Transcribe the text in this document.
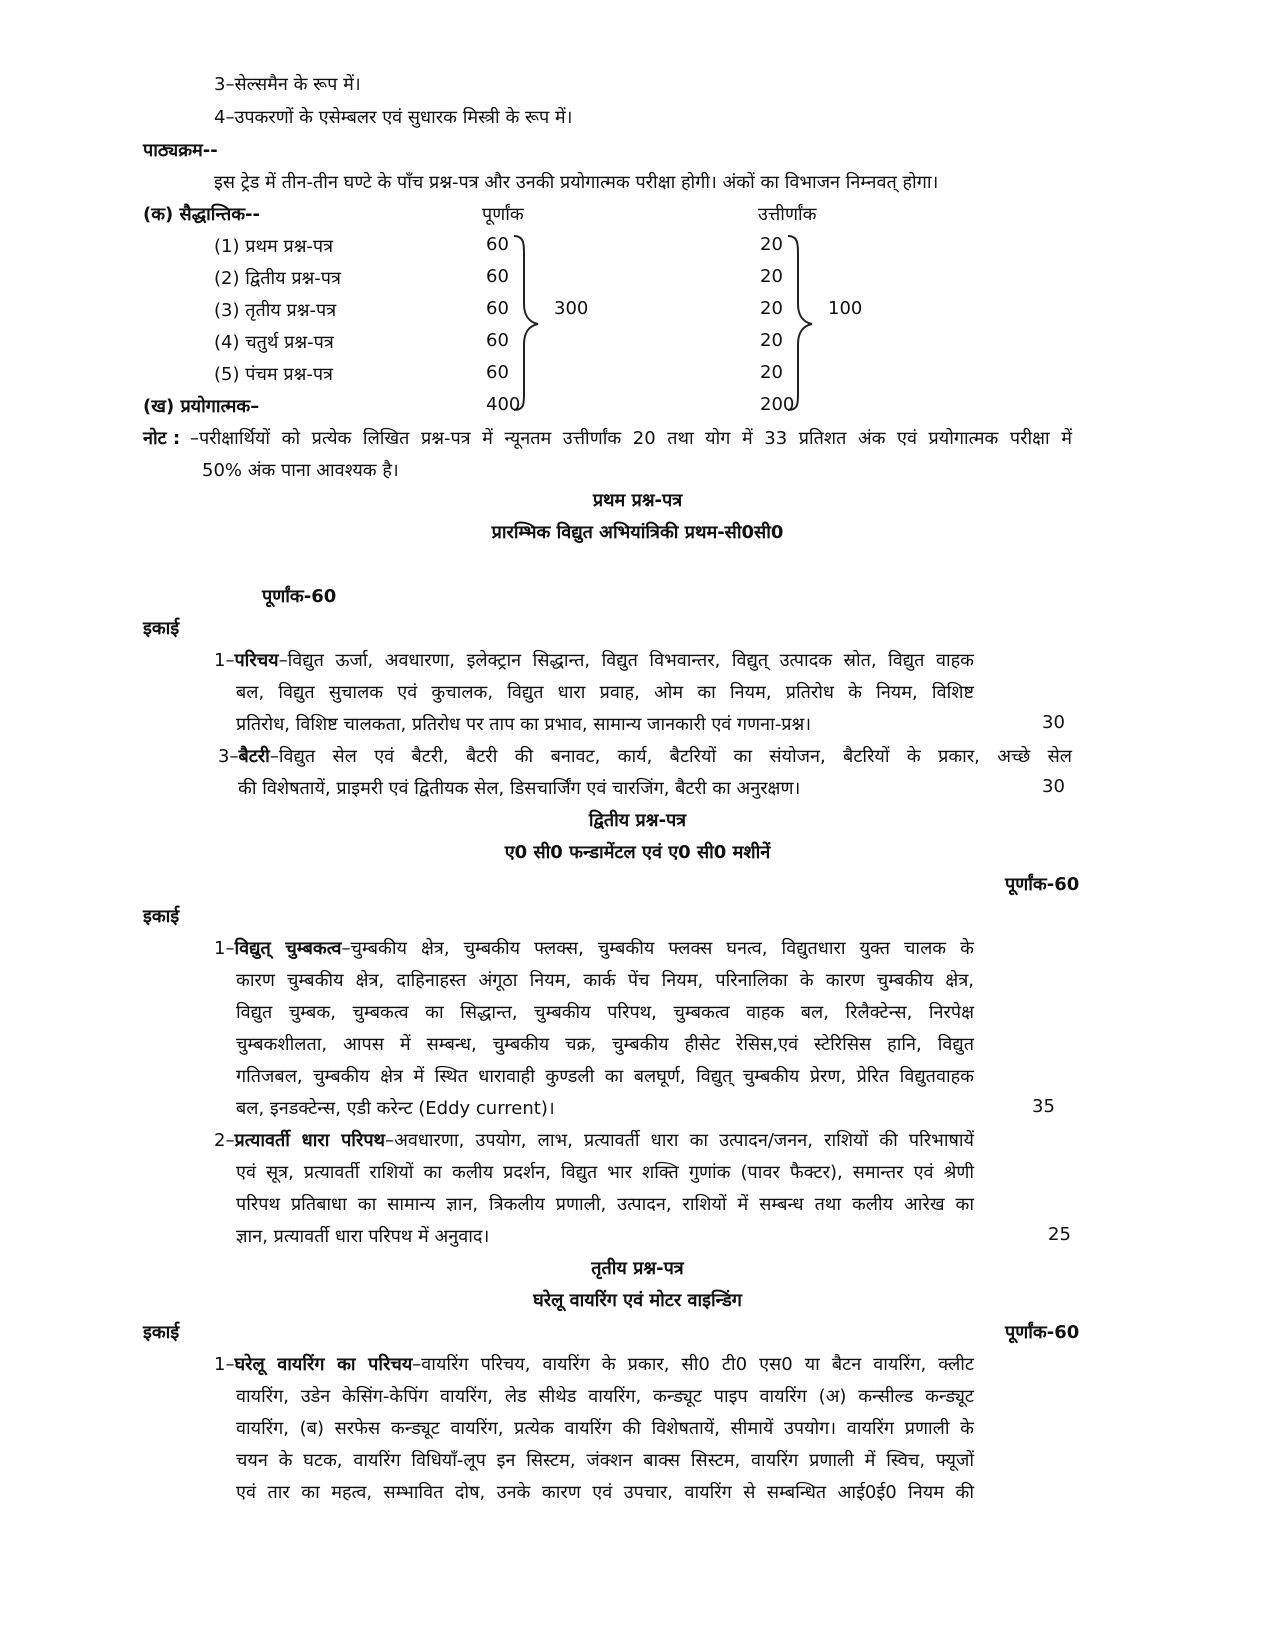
3–सेल्समैन के रूप में।
4–उपकरणों के एसेम्बलर एवं सुधारक मिस्त्री के रूप में।
पाठ्यक्रम--
इस ट्रेड में तीन-तीन घण्टे के पाँच प्रश्न-पत्र और उनकी प्रयोगात्मक परीक्षा होगी। अंकों का विभाजन निम्नवत् होगा।
(क) सैद्धान्तिक--	पूर्णांक	उत्तीर्णांक
(1) प्रथम प्रश्न-पत्र	60	20
(2) द्वितीय प्रश्न-पत्र	60	20
(3) तृतीय प्रश्न-पत्र	60	20
(4) चतुर्थ प्रश्न-पत्र	60	20
(5) पंचम प्रश्न-पत्र	60	20
300	100
(ख) प्रयोगात्मक–	400	200
नोट : –परीक्षार्थियों को प्रत्येक लिखित प्रश्न-पत्र में न्यूनतम उत्तीर्णांक 20 तथा योग में 33 प्रतिशत अंक एवं प्रयोगात्मक परीक्षा में
50% अंक पाना आवश्यक है।
प्रथम प्रश्न-पत्र
प्रारम्भिक विद्युत अभियांत्रिकी प्रथम-सी0सी0
पूर्णांक-60
इकाई
1–परिचय–विद्युत ऊर्जा, अवधारणा, इलेक्ट्रान सिद्धान्त, विद्युत विभवान्तर, विद्युत् उत्पादक स्रोत, विद्युत वाहक
बल, विद्युत सुचालक एवं कुचालक, विद्युत धारा प्रवाह, ओम का नियम, प्रतिरोध के नियम, विशिष्ट
प्रतिरोध, विशिष्ट चालकता, प्रतिरोध पर ताप का प्रभाव, सामान्य जानकारी एवं गणना-प्रश्न।	30
3–बैटरी–विद्युत सेल एवं बैटरी, बैटरी की बनावट, कार्य, बैटरियों का संयोजन, बैटरियों के प्रकार, अच्छे सेल
की विशेषतायें, प्राइमरी एवं द्वितीयक सेल, डिसचार्जिंग एवं चारजिंग, बैटरी का अनुरक्षण।	30
द्वितीय प्रश्न-पत्र
ए0 सी0 फन्डामेंटल एवं ए0 सी0 मशीनें
पूर्णांक-60
इकाई
1–विद्युत् चुम्बकत्व–चुम्बकीय क्षेत्र, चुम्बकीय फ्लक्स, चुम्बकीय फ्लक्स घनत्व, विद्युतधारा युक्त चालक के
कारण चुम्बकीय क्षेत्र, दाहिनाहस्त अंगूठा नियम, कार्क पेंच नियम, परिनालिका के कारण चुम्बकीय क्षेत्र,
विद्युत चुम्बक, चुम्बकत्व का सिद्धान्त, चुम्बकीय परिपथ, चुम्बकत्व वाहक बल, रिलैक्टेन्स, निरपेक्ष
चुम्बकशीलता, आपस में सम्बन्ध, चुम्बकीय चक्र, चुम्बकीय हीसेट रेसिस,एवं स्टेरिसिस हानि, विद्युत
गतिजबल, चुम्बकीय क्षेत्र में स्थित धारावाही कुण्डली का बलघूर्ण, विद्युत् चुम्बकीय प्रेरण, प्रेरित विद्युतवाहक
बल, इनडक्टेन्स, एडी करेन्ट (Eddy current)।	35
2–प्रत्यावर्ती धारा परिपथ–अवधारणा, उपयोग, लाभ, प्रत्यावर्ती धारा का उत्पादन/जनन, राशियों की परिभाषायें
एवं सूत्र, प्रत्यावर्ती राशियों का कलीय प्रदर्शन, विद्युत भार शक्ति गुणांक (पावर फैक्टर), समान्तर एवं श्रेणी
परिपथ प्रतिबाधा का सामान्य ज्ञान, त्रिकलीय प्रणाली, उत्पादन, राशियों में सम्बन्ध तथा कलीय आरेख का
ज्ञान, प्रत्यावर्ती धारा परिपथ में अनुवाद।	25
तृतीय प्रश्न-पत्र
घरेलू वायरिंग एवं मोटर वाइन्डिंग
इकाई	पूर्णांक-60
1–घरेलू वायरिंग का परिचय–वायरिंग परिचय, वायरिंग के प्रकार, सी0 टी0 एस0 या बैटन वायरिंग, क्लीट
वायरिंग, उडेन केसिंग-केपिंग वायरिंग, लेड सीथेड वायरिंग, कन्ड्यूट पाइप वायरिंग (अ) कन्सील्ड कन्ड्यूट
वायरिंग, (ब) सरफेस कन्ड्यूट वायरिंग, प्रत्येक वायरिंग की विशेषतायें, सीमायें उपयोग। वायरिंग प्रणाली के
चयन के घटक, वायरिंग विधियाँ-लूप इन सिस्टम, जंक्शन बाक्स सिस्टम, वायरिंग प्रणाली में स्विच, फ्यूजों
एवं तार का महत्व, सम्भावित दोष, उनके कारण एवं उपचार, वायरिंग से सम्बन्धित आई0ई0 नियम की
